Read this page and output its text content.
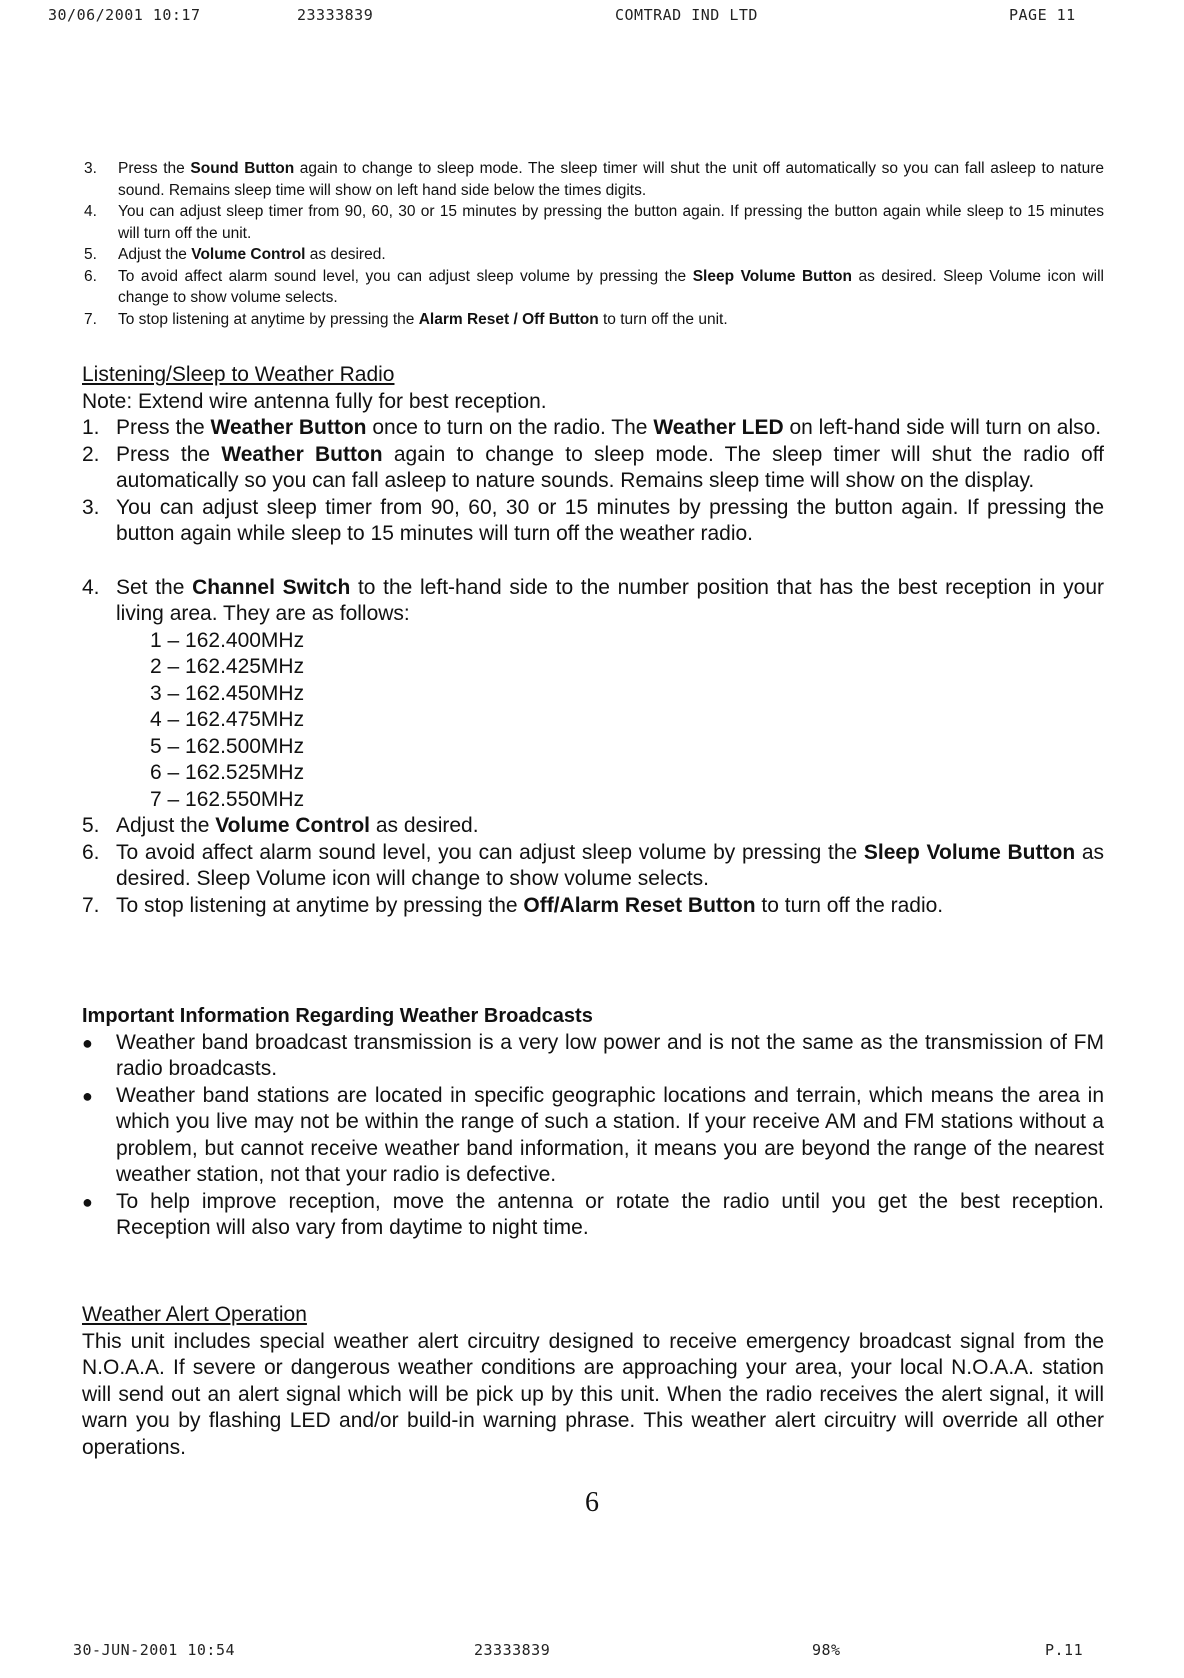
30/06/2001 10:17	23333839	COMTRAD IND LTD	PAGE 11
3.	Press the Sound Button again to change to sleep mode. The sleep timer will shut the unit off automatically so you can fall asleep to nature sound. Remains sleep time will show on left hand side below the times digits.
4.	You can adjust sleep timer from 90, 60, 30 or 15 minutes by pressing the button again. If pressing the button again while sleep to 15 minutes will turn off the unit.
5.	Adjust the Volume Control as desired.
6.	To avoid affect alarm sound level, you can adjust sleep volume by pressing the Sleep Volume Button as desired. Sleep Volume icon will change to show volume selects.
7.	To stop listening at anytime by pressing the Alarm Reset / Off Button to turn off the unit.
Listening/Sleep to Weather Radio
Note: Extend wire antenna fully for best reception.
1. Press the Weather Button once to turn on the radio. The Weather LED on left-hand side will turn on also.
2. Press the Weather Button again to change to sleep mode. The sleep timer will shut the radio off automatically so you can fall asleep to nature sounds. Remains sleep time will show on the display.
3. You can adjust sleep timer from 90, 60, 30 or 15 minutes by pressing the button again. If pressing the button again while sleep to 15 minutes will turn off the weather radio.
4. Set the Channel Switch to the left-hand side to the number position that has the best reception in your living area. They are as follows:
1 – 162.400MHz
2 – 162.425MHz
3 – 162.450MHz
4 – 162.475MHz
5 – 162.500MHz
6 – 162.525MHz
7 – 162.550MHz
5. Adjust the Volume Control as desired.
6. To avoid affect alarm sound level, you can adjust sleep volume by pressing the Sleep Volume Button as desired. Sleep Volume icon will change to show volume selects.
7. To stop listening at anytime by pressing the Off/Alarm Reset Button to turn off the radio.
Important Information Regarding Weather Broadcasts
●	Weather band broadcast transmission is a very low power and is not the same as the transmission of FM radio broadcasts.
●	Weather band stations are located in specific geographic locations and terrain, which means the area in which you live may not be within the range of such a station. If your receive AM and FM stations without a problem, but cannot receive weather band information, it means you are beyond the range of the nearest weather station, not that your radio is defective.
●	To help improve reception, move the antenna or rotate the radio until you get the best reception. Reception will also vary from daytime to night time.
Weather Alert Operation
This unit includes special weather alert circuitry designed to receive emergency broadcast signal from the N.O.A.A. If severe or dangerous weather conditions are approaching your area, your local N.O.A.A. station will send out an alert signal which will be pick up by this unit. When the radio receives the alert signal, it will warn you by flashing LED and/or build-in warning phrase. This weather alert circuitry will override all other operations.
6
30-JUN-2001 10:54	23333839	98%	P.11
